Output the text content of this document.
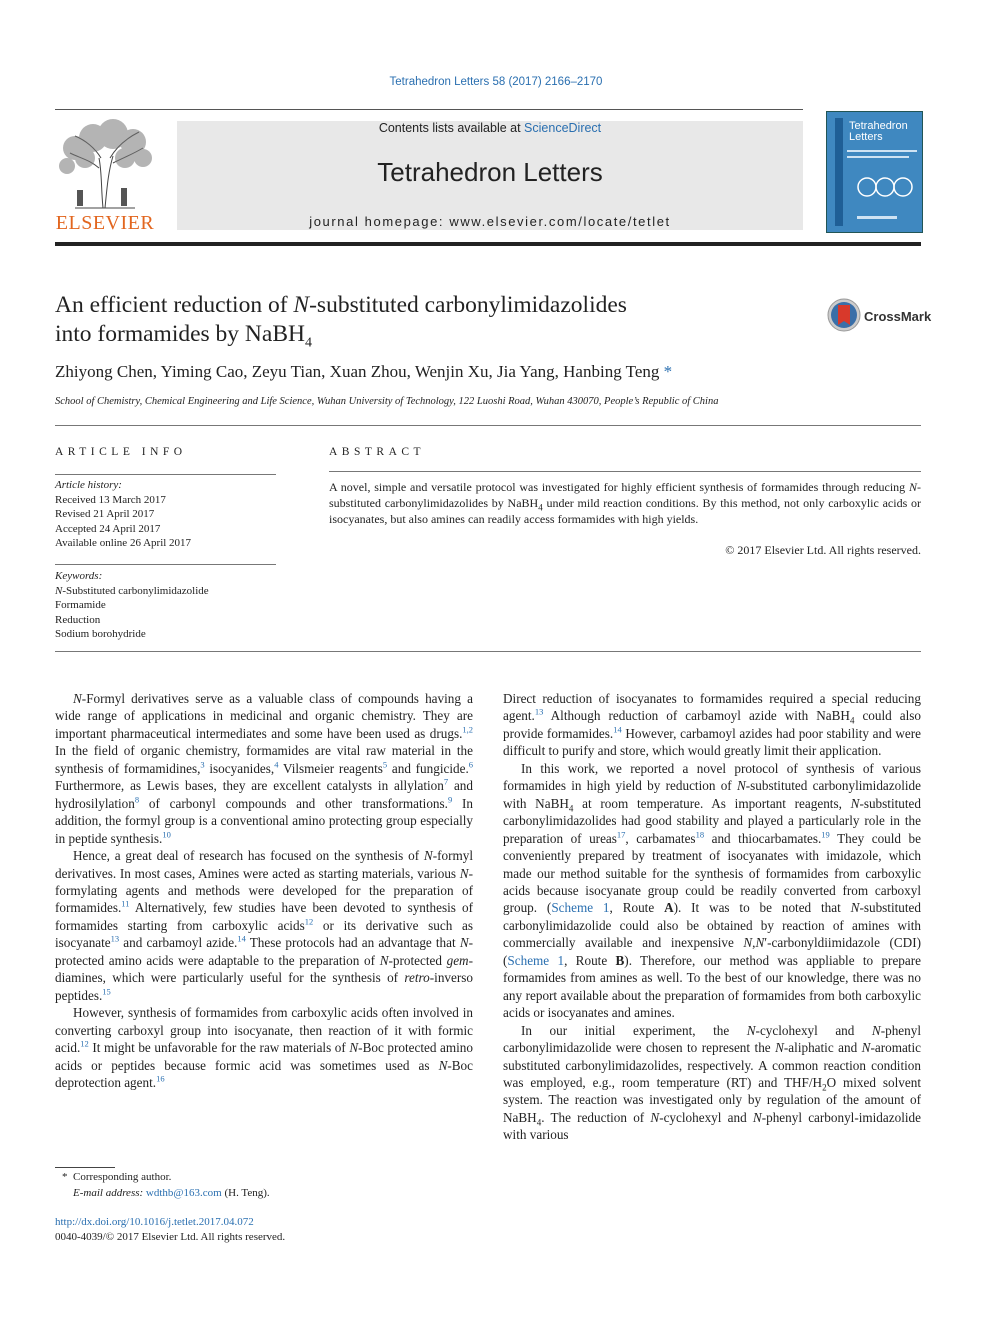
Tetrahedron Letters 58 (2017) 2166–2170
ELSEVIER
Contents lists available at ScienceDirect
Tetrahedron Letters
journal homepage: www.elsevier.com/locate/tetlet
Tetrahedron
Letters
An efficient reduction of N-substituted carbonylimidazolides
into formamides by NaBH$_4$
CrossMark
Zhiyong Chen, Yiming Cao, Zeyu Tian, Xuan Zhou, Wenjin Xu, Jia Yang, Hanbing Teng *
School of Chemistry, Chemical Engineering and Life Science, Wuhan University of Technology, 122 Luoshi Road, Wuhan 430070, People’s Republic of China
ARTICLE INFO
Article history:
Received 13 March 2017
Revised 21 April 2017
Accepted 24 April 2017
Available online 26 April 2017
Keywords:
N-Substituted carbonylimidazolide
Formamide
Reduction
Sodium borohydride
ABSTRACT
A novel, simple and versatile protocol was investigated for highly efficient synthesis of formamides through reducing N-substituted carbonylimidazolides by NaBH$_4$ under mild reaction conditions. By this method, not only carboxylic acids or isocyanates, but also amines can readily access formamides with high yields.
© 2017 Elsevier Ltd. All rights reserved.

N-Formyl derivatives serve as a valuable class of compounds having a wide range of applications in medicinal and organic chemistry. They are important pharmaceutical intermediates and some have been used as drugs.$^{1,2}$ In the field of organic chemistry, formamides are vital raw material in the synthesis of formamidines,$^3$ isocyanides,$^4$ Vilsmeier reagents$^5$ and fungicide.$^6$ Furthermore, as Lewis bases, they are excellent catalysts in allylation$^7$ and hydrosilylation$^8$ of carbonyl compounds and other transformations.$^9$ In addition, the formyl group is a conventional amino protecting group especially in peptide synthesis.$^{10}$

Hence, a great deal of research has focused on the synthesis of N-formyl derivatives. In most cases, Amines were acted as starting materials, various N-formylating agents and methods were developed for the preparation of formamides.$^{11}$ Alternatively, few studies have been devoted to synthesis of formamides starting from carboxylic acids$^{12}$ or its derivative such as isocyanate$^{13}$ and carbamoyl azide.$^{14}$ These protocols had an advantage that N-protected amino acids were adaptable to the preparation of N-protected gem-diamines, which were particularly useful for the synthesis of retro-inverso peptides.$^{15}$

However, synthesis of formamides from carboxylic acids often involved in converting carboxyl group into isocyanate, then reaction of it with formic acid.$^{12}$ It might be unfavorable for the raw materials of N-Boc protected amino acids or peptides because formic acid was sometimes used as N-Boc deprotection agent.$^{16}$

Direct reduction of isocyanates to formamides required a special reducing agent.$^{13}$ Although reduction of carbamoyl azide with NaBH$_4$ could also provide formamides.$^{14}$ However, carbamoyl azides had poor stability and were difficult to purify and store, which would greatly limit their application.

In this work, we reported a novel protocol of synthesis of various formamides in high yield by reduction of N-substituted carbonylimidazolide with NaBH$_4$ at room temperature. As important reagents, N-substituted carbonylimidazolides had good stability and played a particularly role in the preparation of ureas$^{17}$, carbamates$^{18}$ and thiocarbamates.$^{19}$ They could be conveniently prepared by treatment of isocyanates with imidazole, which made our method suitable for the synthesis of formamides from carboxylic acids because isocyanate group could be readily converted from carboxyl group. (Scheme 1, Route A). It was to be noted that N-substituted carbonylimidazolide could also be obtained by reaction of amines with commercially available and inexpensive N,N′-carbonyldiimidazole (CDI) (Scheme 1, Route B). Therefore, our method was appliable to prepare formamides from amines as well. To the best of our knowledge, there was no any report available about the preparation of formamides from both carboxylic acids or isocyanates and amines.

In our initial experiment, the N-cyclohexyl and N-phenyl carbonylimidazolide were chosen to represent the N-aliphatic and N-aromatic substituted carbonylimidazolides, respectively. A common reaction condition was employed, e.g., room temperature (RT) and THF/$H_2O$ mixed solvent system. The reaction was investigated only by regulation of the amount of NaBH$_4$. The reduction of N-cyclohexyl and N-phenyl carbonyl-imidazolide with various

* Corresponding author.
E-mail address: wdthb@163.com (H. Teng).
http://dx.doi.org/10.1016/j.tetlet.2017.04.072
0040-4039/© 2017 Elsevier Ltd. All rights reserved.
